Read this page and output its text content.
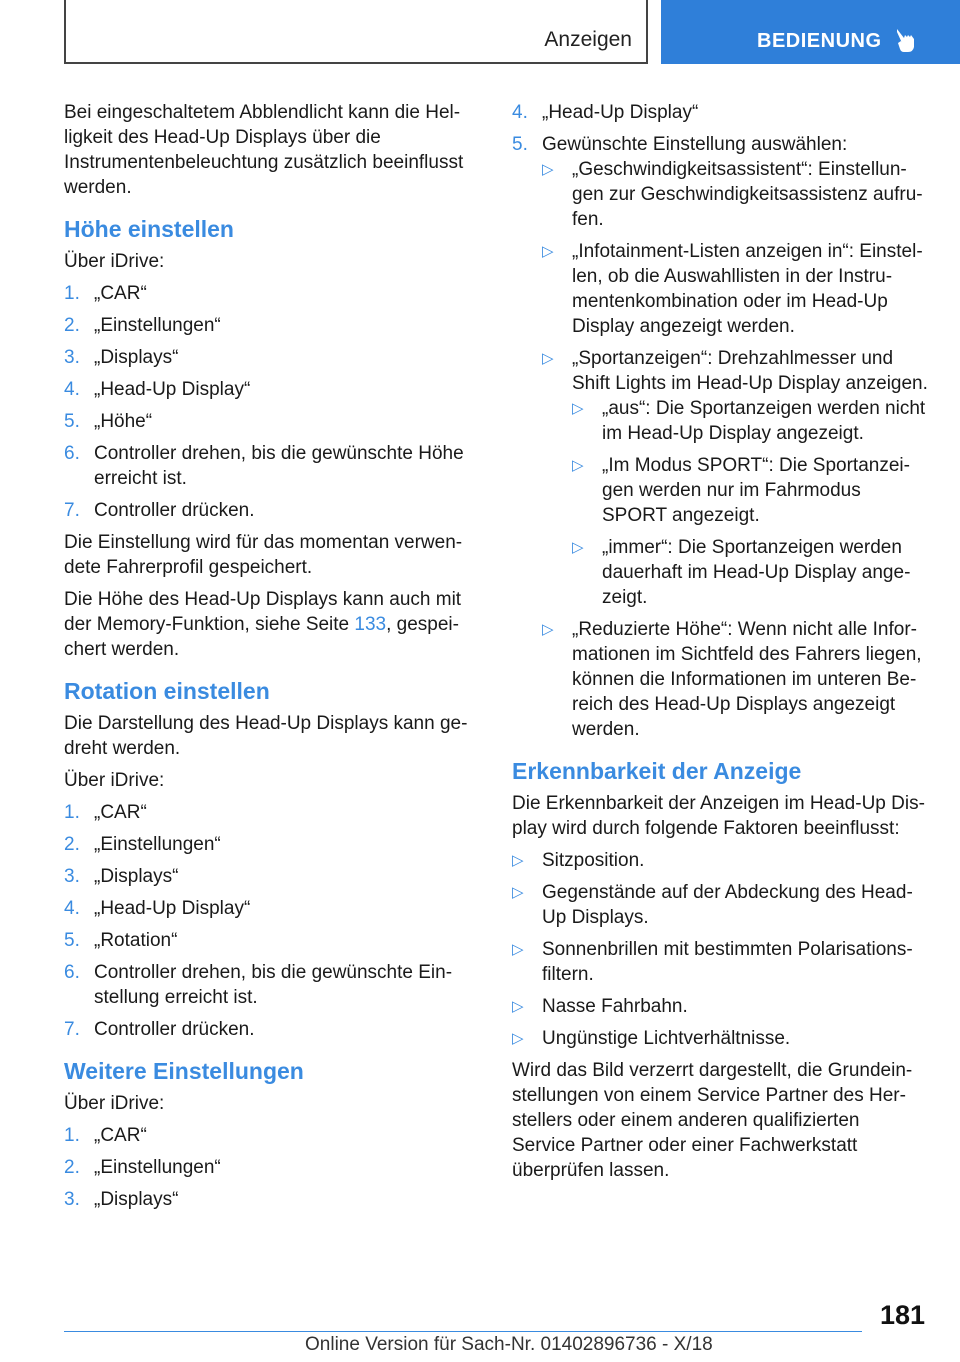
Anzeigen	BEDIENUNG

Bei eingeschaltetem Abblendlicht kann die Helligkeit des Head-Up Displays über die Instrumentenbeleuchtung zusätzlich beeinflusst werden.

Höhe einstellen

Über iDrive:

1. „CAR“
2. „Einstellungen“
3. „Displays“
4. „Head-Up Display“
5. „Höhe“
6. Controller drehen, bis die gewünschte Höhe erreicht ist.
7. Controller drücken.

Die Einstellung wird für das momentan verwendete Fahrerprofil gespeichert.

Die Höhe des Head-Up Displays kann auch mit der Memory-Funktion, siehe Seite 133, gespeichert werden.

Rotation einstellen

Die Darstellung des Head-Up Displays kann gedreht werden.

Über iDrive:

1. „CAR“
2. „Einstellungen“
3. „Displays“
4. „Head-Up Display“
5. „Rotation“
6. Controller drehen, bis die gewünschte Einstellung erreicht ist.
7. Controller drücken.
Weitere Einstellungen

Über iDrive:

1. „CAR“
2. „Einstellungen“
3. „Displays“
4. „Head-Up Display“
5. Gewünschte Einstellung auswählen:
▷ „Geschwindigkeitsassistent“: Einstellungen zur Geschwindigkeitsassistenz aufrufen.
▷ „Infotainment-Listen anzeigen in“: Einstellen, ob die Auswahllisten in der Instrumentenkombination oder im Head-Up Display angezeigt werden.
▷ „Sportanzeigen“: Drehzahlmesser und Shift Lights im Head-Up Display anzeigen.
▷ „aus“: Die Sportanzeigen werden nicht im Head-Up Display angezeigt.
▷ „Im Modus SPORT“: Die Sportanzeigen werden nur im Fahrmodus SPORT angezeigt.
▷ „immer“: Die Sportanzeigen werden dauerhaft im Head-Up Display angezeigt.
▷ „Reduzierte Höhe“: Wenn nicht alle Informationen im Sichtfeld des Fahrers liegen, können die Informationen im unteren Bereich des Head-Up Displays angezeigt werden.
Erkennbarkeit der Anzeige

Die Erkennbarkeit der Anzeigen im Head-Up Display wird durch folgende Faktoren beeinflusst:

▷ Sitzposition.
▷ Gegenstände auf der Abdeckung des Head-Up Displays.
▷ Sonnenbrillen mit bestimmten Polarisationsfiltern.
▷ Nasse Fahrbahn.
▷ Ungünstige Lichtverhältnisse.

Wird das Bild verzerrt dargestellt, die Grundeinstellungen von einem Service Partner des Herstellers oder einem anderen qualifizierten Service Partner oder einer Fachwerkstatt überprüfen lassen.

181
Online Version für Sach-Nr. 01402896736 - X/18
